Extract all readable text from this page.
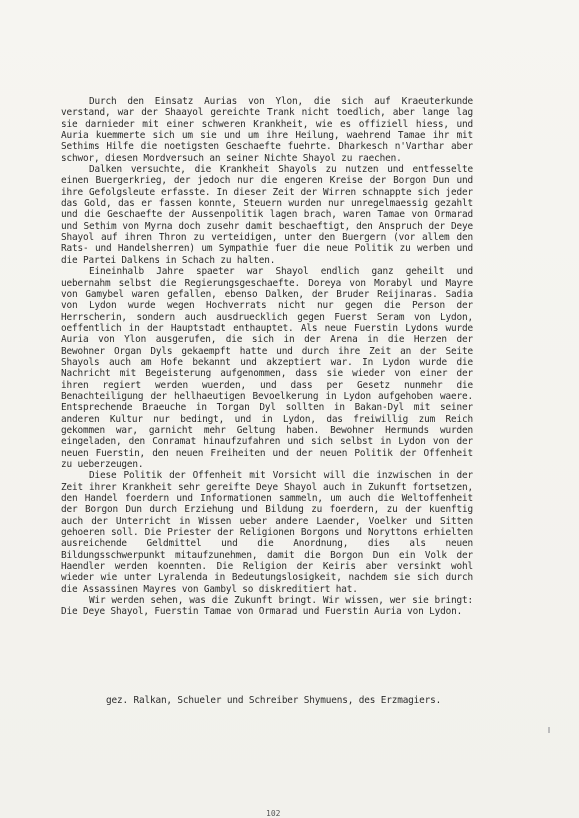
Durch den Einsatz Aurias von Ylon, die sich auf Kraeuterkunde verstand, war der Shaayol gereichte Trank nicht toedlich, aber lange lag sie darnieder mit einer schweren Krankheit, wie es offiziell hiess, und Auria kuemmerte sich um sie und um ihre Heilung, waehrend Tamae ihr mit Sethims Hilfe die noetigsten Geschaefte fuehrte. Dharkesch n'Varthar aber schwor, diesen Mordversuch an seiner Nichte Shayol zu raechen.

Dalken versuchte, die Krankheit Shayols zu nutzen und entfesselte einen Buergerkrieg, der jedoch nur die engeren Kreise der Borgon Dun und ihre Gefolgsleute erfasste. In dieser Zeit der Wirren schnappte sich jeder das Gold, das er fassen konnte, Steuern wurden nur unregelmaessig gezahlt und die Geschaefte der Aussenpolitik lagen brach, waren Tamae von Ormarad und Sethim von Myrna doch zusehr damit beschaeftigt, den Anspruch der Deye Shayol auf ihren Thron zu verteidigen, unter den Buergern (vor allem den Rats- und Handelsherren) um Sympathie fuer die neue Politik zu werben und die Partei Dalkens in Schach zu halten.

Eineinhalb Jahre spaeter war Shayol endlich ganz geheilt und uebernahm selbst die Regierungsgeschaefte. Doreya von Morabyl und Mayre von Gamybel waren gefallen, ebenso Dalken, der Bruder Reijinaras. Sadia von Lydon wurde wegen Hochverrats nicht nur gegen die Person der Herrscherin, sondern auch ausdruecklich gegen Fuerst Seram von Lydon, oeffentlich in der Hauptstadt enthauptet. Als neue Fuerstin Lydons wurde Auria von Ylon ausgerufen, die sich in der Arena in die Herzen der Bewohner Organ Dyls gekaempft hatte und durch ihre Zeit an der Seite Shayols auch am Hofe bekannt und akzeptiert war. In Lydon wurde die Nachricht mit Begeisterung aufgenommen, dass sie wieder von einer der ihren regiert werden wuerden, und dass per Gesetz nunmehr die Benachteiligung der hellhaeutigen Bevoelkerung in Lydon aufgehoben waere. Entsprechende Braeuche in Torgan Dyl sollten in Bakan-Dyl mit seiner anderen Kultur nur bedingt, und in Lydon, das freiwillig zum Reich gekommen war, garnicht mehr Geltung haben. Bewohner Hermunds wurden eingeladen, den Conramat hinaufzufahren und sich selbst in Lydon von der neuen Fuerstin, den neuen Freiheiten und der neuen Politik der Offenheit zu ueberzeugen.

Diese Politik der Offenheit mit Vorsicht will die inzwischen in der Zeit ihrer Krankheit sehr gereifte Deye Shayol auch in Zukunft fortsetzen, den Handel foerdern und Informationen sammeln, um auch die Weltoffenheit der Borgon Dun durch Erziehung und Bildung zu foerdern, zu der kuenftig auch der Unterricht in Wissen ueber andere Laender, Voelker und Sitten gehoeren soll. Die Priester der Religionen Borgons und Noryttons erhielten ausreichende Geldmittel und die Anordnung, dies als neuen Bildungsschwerpunkt mitaufzunehmen, damit die Borgon Dun ein Volk der Haendler werden koennten. Die Religion der Keiris aber versinkt wohl wieder wie unter Lyralenda in Bedeutungslosigkeit, nachdem sie sich durch die Assassinen Mayres von Gambyl so diskreditiert hat.

Wir werden sehen, was die Zukunft bringt. Wir wissen, wer sie bringt: Die Deye Shayol, Fuerstin Tamae von Ormarad und Fuerstin Auria von Lydon.

gez. Ralkan, Schueler und Schreiber Shymuens, des Erzmagiers.
102
